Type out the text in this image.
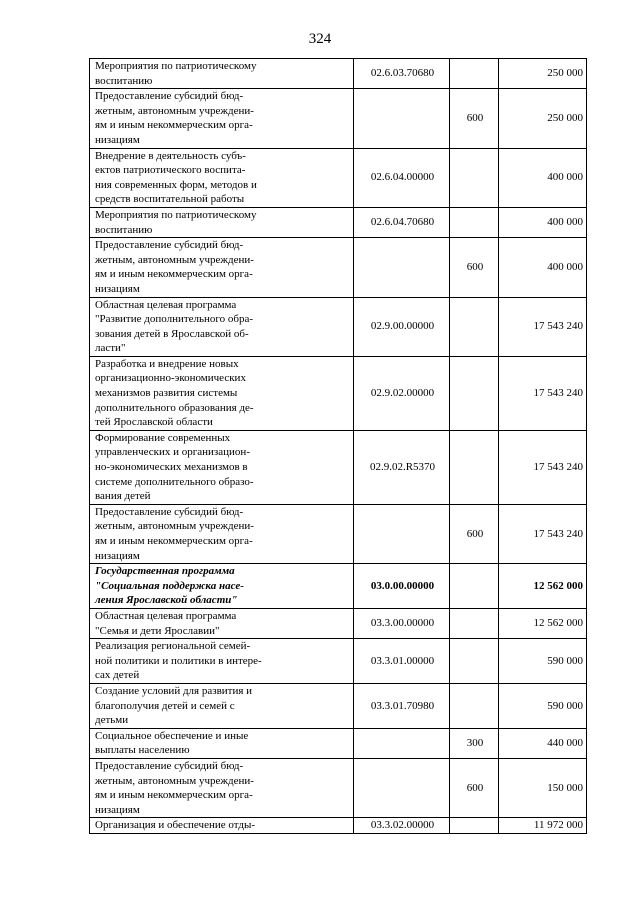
324
Мероприятия по патриотическому
воспитанию	02.6.03.70680		250 000

Предоставление субсидий бюд-
жетным, автономным учреждени-
ям и иным некоммерческим орга-
низациям		600	250 000

Внедрение в деятельность субъ-
ектов патриотического воспита-
ния современных форм, методов и
средств воспитательной работы	02.6.04.00000		400 000

Мероприятия по патриотическому
воспитанию	02.6.04.70680		400 000

Предоставление субсидий бюд-
жетным, автономным учреждени-
ям и иным некоммерческим орга-
низациям		600	400 000

Областная целевая программа
"Развитие дополнительного обра-
зования детей в Ярославской об-
ласти"	02.9.00.00000		17 543 240

Разработка и внедрение новых
организационно-экономических
механизмов развития системы
дополнительного образования де-
тей Ярославской области	02.9.02.00000		17 543 240

Формирование современных
управленческих и организацион-
но-экономических механизмов в
системе дополнительного образо-
вания детей	02.9.02.R5370		17 543 240

Предоставление субсидий бюд-
жетным, автономным учреждени-
ям и иным некоммерческим орга-
низациям		600	17 543 240

Государственная программа
"Социальная поддержка насе-
ления Ярославской области"	03.0.00.00000		12 562 000

Областная целевая программа
"Семья и дети Ярославии"	03.3.00.00000		12 562 000

Реализация региональной семей-
ной политики и политики в интере-
сах детей	03.3.01.00000		590 000

Создание условий для развития и
благополучия детей и семей с
детьми	03.3.01.70980		590 000

Социальное обеспечение и иные
выплаты населению		300	440 000

Предоставление субсидий бюд-
жетным, автономным учреждени-
ям и иным некоммерческим орга-
низациям		600	150 000

Организация и обеспечение отды-	03.3.02.00000		11 972 000
